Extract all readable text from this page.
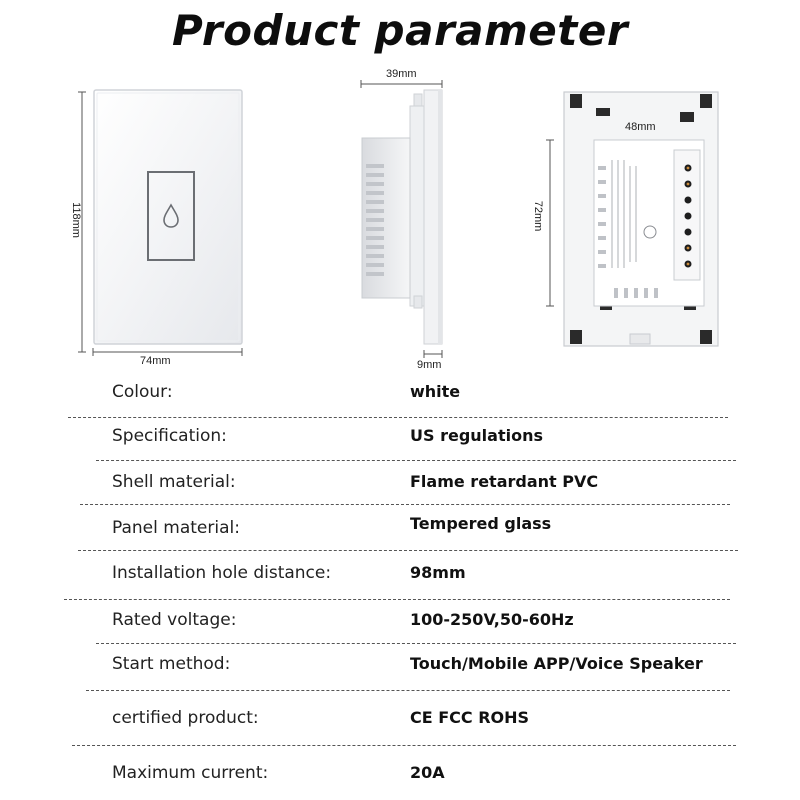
Product parameter
118mm
74mm
39mm
9mm
48mm
72mm
Colour:	white
Specification:	US regulations
Shell material:	Flame retardant PVC
Panel material:	Tempered glass
Installation hole distance:	98mm
Rated voltage:	100-250V,50-60Hz
Start method:	Touch/Mobile APP/Voice Speaker
certified product:	CE FCC ROHS
Maximum current:	20A
